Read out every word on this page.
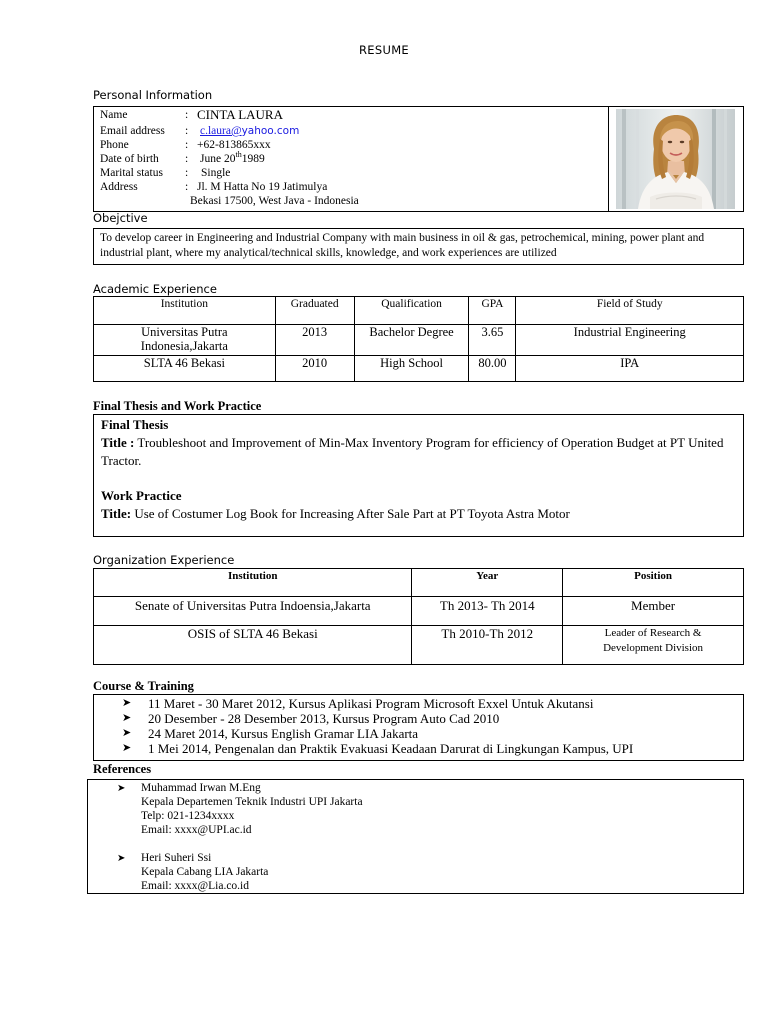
RESUME
Personal Information
Name	: CINTA LAURA
Email address : c.laura@yahoo.com
Phone	: +62-813865xxx
Date of birth : June 20th1989
Marital status : Single
Address	: Jl. M Hatta No 19 Jatimulya
Bekasi 17500, West Java - Indonesia
Obejctive
To develop career in Engineering and Industrial Company with main business in oil & gas, petrochemical, mining, power plant and industrial plant, where my analytical/technical skills, knowledge, and work experiences are utilized
Academic Experience
Institution	Graduated	Qualification	GPA	Field of Study
Universitas Putra Indonesia,Jakarta	2013	Bachelor Degree	3.65	Industrial Engineering
SLTA 46 Bekasi	2010	High School	80.00	IPA
Final Thesis and Work Practice
Final Thesis
Title : Troubleshoot and Improvement of Min-Max Inventory Program for efficiency of Operation Budget at PT United Tractor.
Work Practice
Title: Use of Costumer Log Book for Increasing After Sale Part at PT Toyota Astra Motor
Organization Experience
Institution	Year	Position
Senate of Universitas Putra Indoensia,Jakarta	Th 2013- Th 2014	Member
OSIS of SLTA 46 Bekasi	Th 2010-Th 2012	Leader of Research & Development Division
Course & Training
➤ 11 Maret - 30 Maret 2012, Kursus Aplikasi Program Microsoft Exxel Untuk Akutansi
➤ 20 Desember - 28 Desember 2013, Kursus Program Auto Cad 2010
➤ 24 Maret 2014, Kursus English Gramar LIA Jakarta
➤ 1 Mei 2014, Pengenalan dan Praktik Evakuasi Keadaan Darurat di Lingkungan Kampus, UPI
References
➤ Muhammad Irwan M.Eng
Kepala Departemen Teknik Industri UPI Jakarta
Telp: 021-1234xxxx
Email: xxxx@UPI.ac.id
➤ Heri Suheri Ssi
Kepala Cabang LIA Jakarta
Email: xxxx@Lia.co.id
